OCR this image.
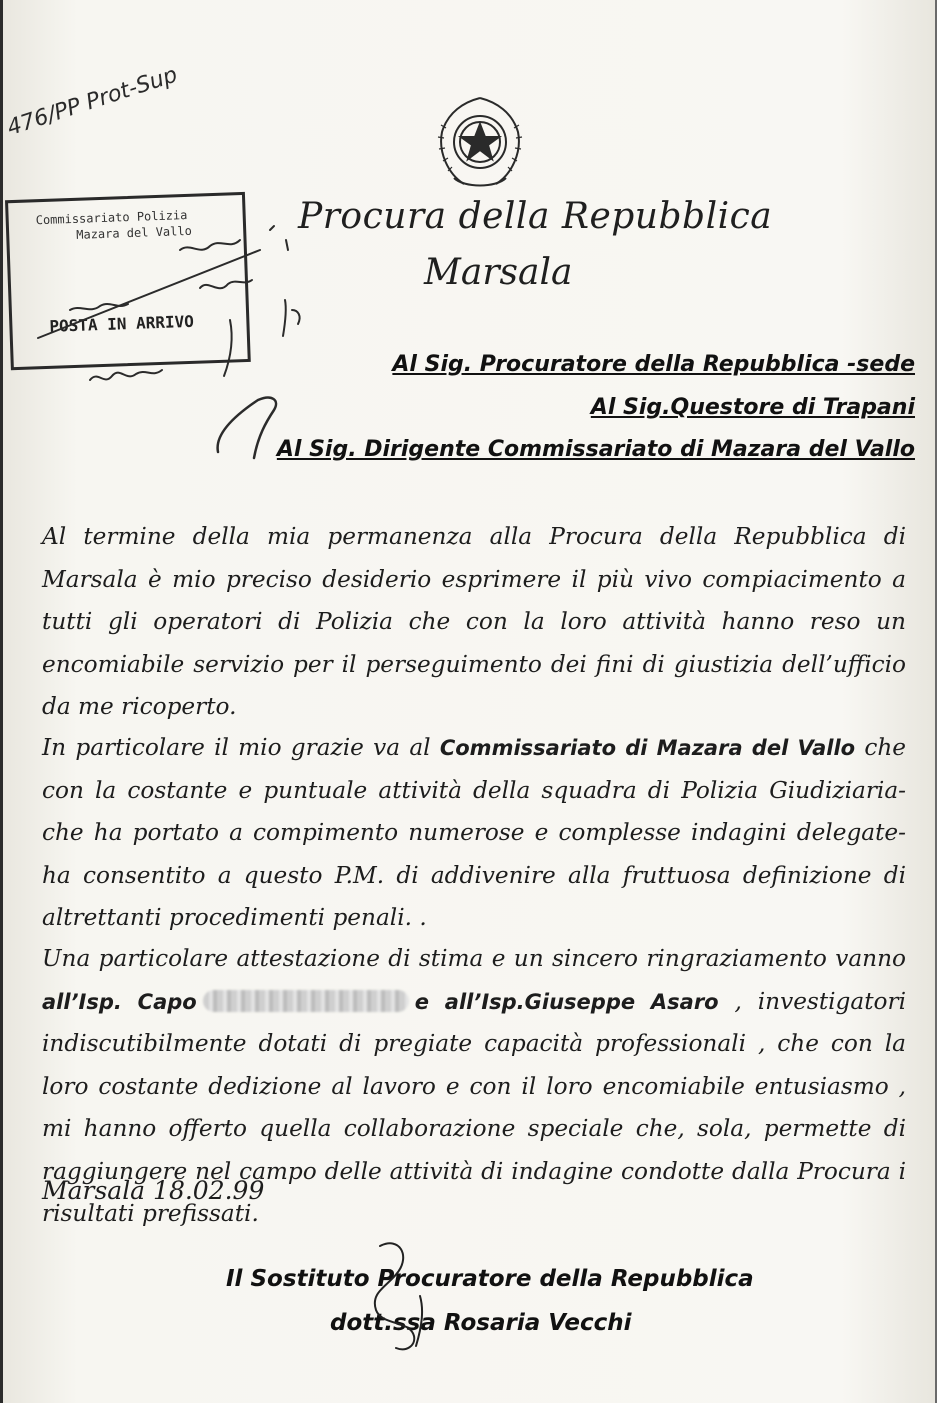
Procura della Repubblica
Marsala
476/PP Prot-Sup
Commissariato Polizia
Mazara del Vallo
POSTA IN ARRIVO
Al Sig. Procuratore della Repubblica -sede
Al Sig.Questore di Trapani
Al Sig. Dirigente Commissariato di Mazara del Vallo
Al termine della mia permanenza alla Procura della Repubblica di Marsala è mio preciso desiderio esprimere il più vivo compiacimento a tutti gli operatori di Polizia che con la loro attività hanno reso un encomiabile servizio per il perseguimento dei fini di giustizia dell’ufficio da me ricoperto.
In particolare il mio grazie va al Commissariato di Mazara del Vallo che con la costante e puntuale attività della squadra di Polizia Giudiziaria-che ha portato a compimento numerose e complesse indagini delegate- ha consentito a questo P.M. di addivenire alla fruttuosa definizione di altrettanti procedimenti penali. .
Una particolare attestazione di stima e un sincero ringraziamento vanno all’Isp. Capo	e all’Isp.Giuseppe Asaro , investigatori indiscutibilmente dotati di pregiate capacità professionali , che con la loro costante dedizione al lavoro e con il loro encomiabile entusiasmo , mi hanno offerto quella collaborazione speciale che, sola, permette di raggiungere nel campo delle attività di indagine condotte dalla Procura i risultati prefissati.
Marsala 18.02.99
Il Sostituto Procuratore della Repubblica
dott.ssa Rosaria Vecchi
